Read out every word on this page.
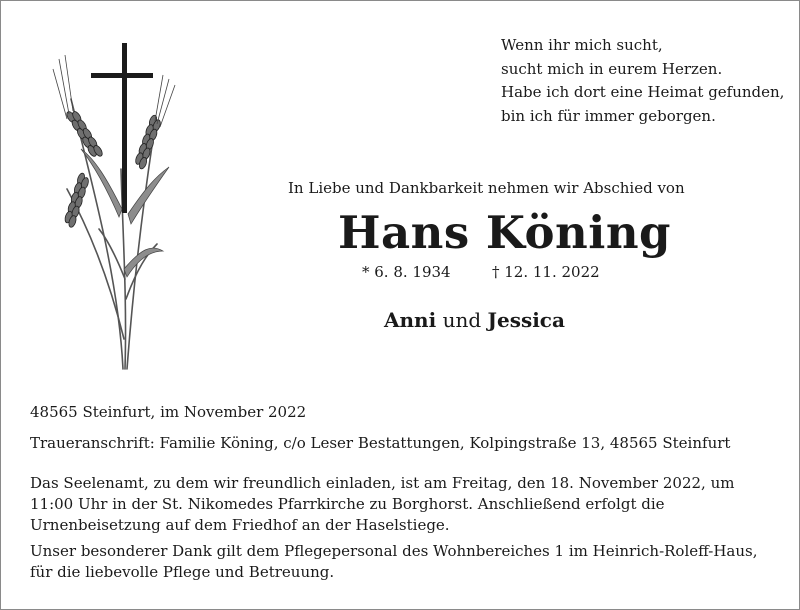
Wenn ihr mich sucht,
sucht mich in eurem Herzen.
Habe ich dort eine Heimat gefunden,
bin ich für immer geborgen.
In Liebe und Dankbarkeit nehmen wir Abschied von
Hans Köning
* 6. 8. 1934	† 12. 11. 2022
Anni und Jessica
48565 Steinfurt, im November 2022
Traueranschrift: Familie Köning, c/o Leser Bestattungen, Kolpingstraße 13, 48565 Steinfurt
Das Seelenamt, zu dem wir freundlich einladen, ist am Freitag, den 18. November 2022, um 11:00 Uhr in der St. Nikomedes Pfarrkirche zu Borghorst. Anschließend erfolgt die Urnenbeisetzung auf dem Friedhof an der Haselstiege.
Unser besonderer Dank gilt dem Pflegepersonal des Wohnbereiches 1 im Heinrich-Roleff-Haus, für die liebevolle Pflege und Betreuung.
